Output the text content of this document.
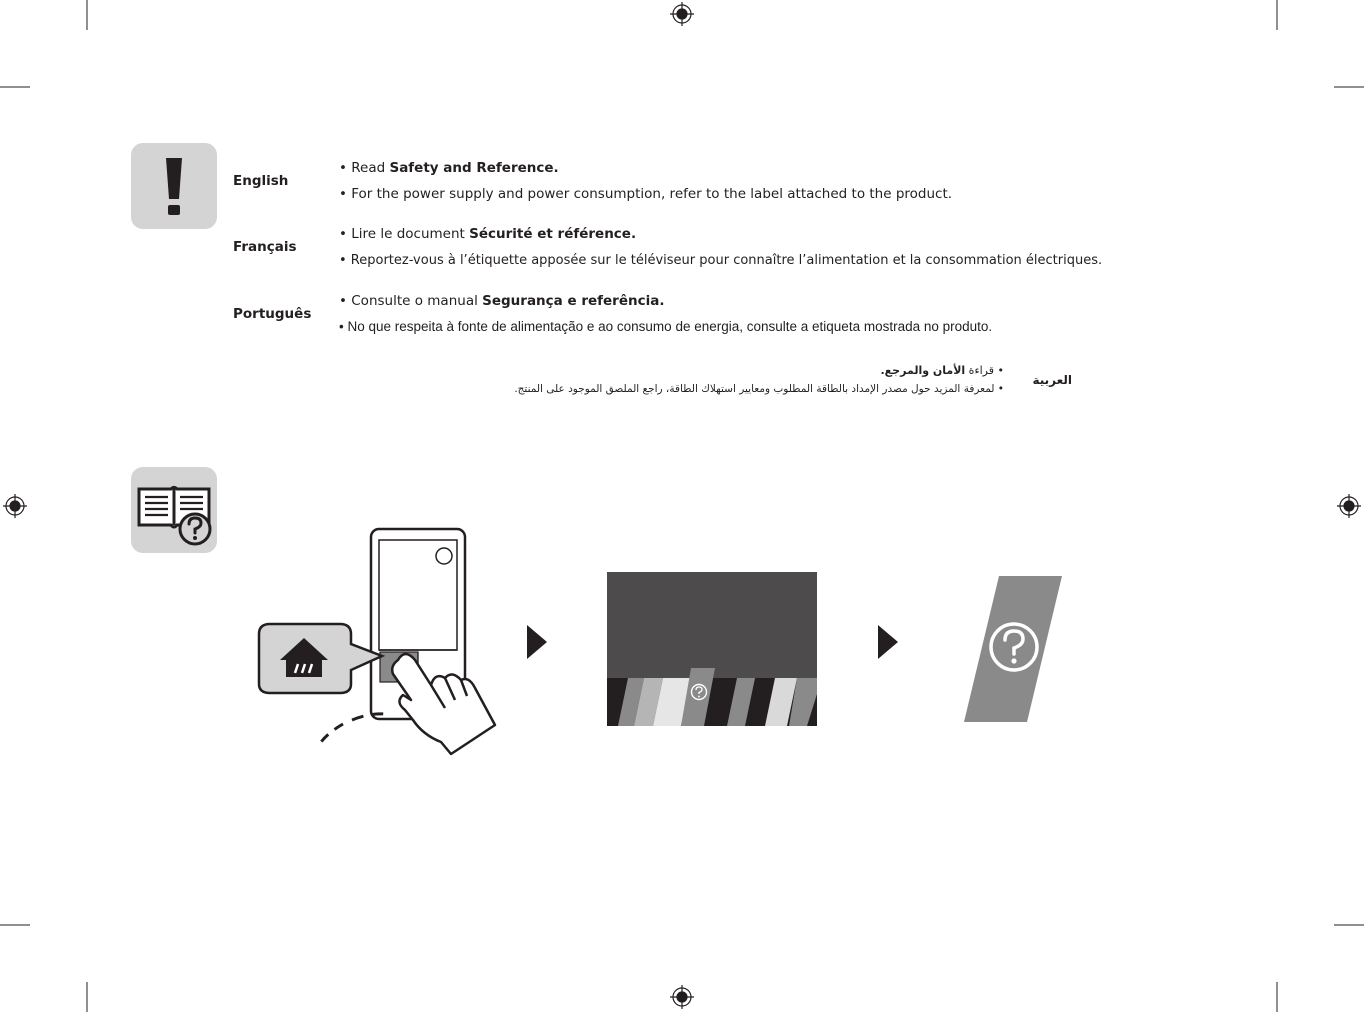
English
• Read Safety and Reference.
• For the power supply and power consumption, refer to the label attached to the product.
Français
• Lire le document Sécurité et référence.
• Reportez-vous à l’étiquette apposée sur le téléviseur pour connaître l’alimentation et la consommation électriques.
Português
• Consulte o manual Segurança e referência.
• No que respeita à fonte de alimentação e ao consumo de energia, consulte a etiqueta mostrada no produto.
العربية
• قراءة الأمان والمرجع.
• لمعرفة المزيد حول مصدر الإمداد بالطاقة المطلوب ومعايير استهلاك الطاقة، راجع الملصق الموجود على المنتج.
